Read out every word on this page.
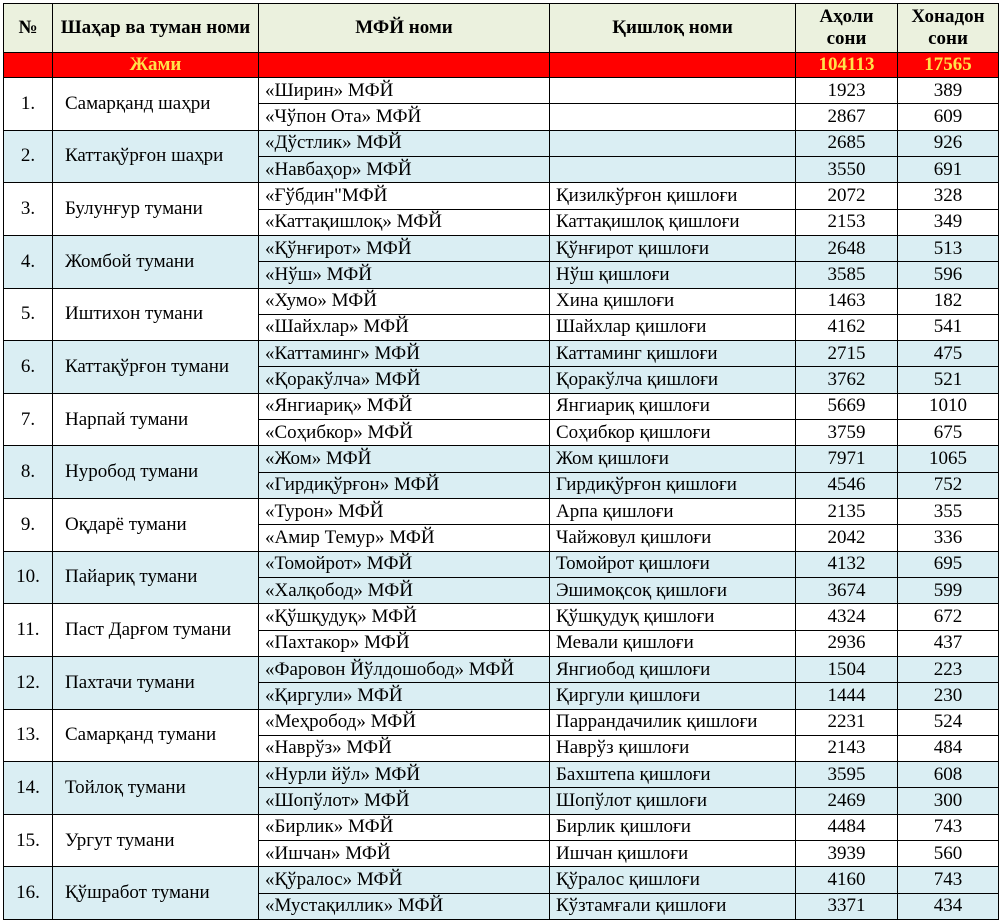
№	Шаҳар ва туман номи	МФЙ номи	Қишлоқ номи	Аҳоли сони	Хонадон сони
	Жами			104113	17565
1.	Самарқанд шаҳри	«Ширин» МФЙ		1923	389
		«Чўпон Ота» МФЙ		2867	609
2.	Каттақўрғон шаҳри	«Дўстлик» МФЙ		2685	926
		«Навбаҳор» МФЙ		3550	691
3.	Булунғур тумани	«Ғўбдин"МФЙ	Қизилкўрғон қишлоғи	2072	328
		«Каттақишлоқ» МФЙ	Каттақишлоқ қишлоғи	2153	349
4.	Жомбой тумани	«Қўнғирот» МФЙ	Қўнғирот қишлоғи	2648	513
		«Нўш» МФЙ	Нўш қишлоғи	3585	596
5.	Иштихон тумани	«Хумо» МФЙ	Хина қишлоғи	1463	182
		«Шайхлар» МФЙ	Шайхлар қишлоғи	4162	541
6.	Каттақўрғон тумани	«Каттаминг» МФЙ	Каттаминг қишлоғи	2715	475
		«Қоракўлча» МФЙ	Қоракўлча қишлоғи	3762	521
7.	Нарпай тумани	«Янгиариқ» МФЙ	Янгиариқ қишлоғи	5669	1010
		«Соҳибкор» МФЙ	Соҳибкор қишлоғи	3759	675
8.	Нуробод тумани	«Жом» МФЙ	Жом қишлоғи	7971	1065
		«Гирдиқўрғон» МФЙ	Гирдиқўрғон қишлоғи	4546	752
9.	Оқдарё тумани	«Турон» МФЙ	Арпа қишлоғи	2135	355
		«Амир Темур» МФЙ	Чайжовул қишлоғи	2042	336
10.	Пайариқ тумани	«Томойрот» МФЙ	Томойрот қишлоғи	4132	695
		«Халқобод» МФЙ	Эшимоқсоқ қишлоғи	3674	599
11.	Паст Дарғом тумани	«Қўшқудуқ» МФЙ	Қўшқудуқ қишлоғи	4324	672
		«Пахтакор» МФЙ	Мевали қишлоғи	2936	437
12.	Пахтачи тумани	«Фаровон Йўлдошобод» МФЙ	Янгиобод қишлоғи	1504	223
		«Қиргули» МФЙ	Қиргули қишлоғи	1444	230
13.	Самарқанд тумани	«Меҳробод» МФЙ	Паррандачилик қишлоғи	2231	524
		«Наврўз» МФЙ	Наврўз қишлоғи	2143	484
14.	Тойлоқ тумани	«Нурли йўл» МФЙ	Бахштепа қишлоғи	3595	608
		«Шопўлот» МФЙ	Шопўлот қишлоғи	2469	300
15.	Ургут тумани	«Бирлик» МФЙ	Бирлик қишлоғи	4484	743
		«Ишчан» МФЙ	Ишчан қишлоғи	3939	560
16.	Қўшработ тумани	«Қўралос» МФЙ	Қўралос қишлоғи	4160	743
		«Мустақиллик» МФЙ	Кўзтамғали қишлоғи	3371	434
